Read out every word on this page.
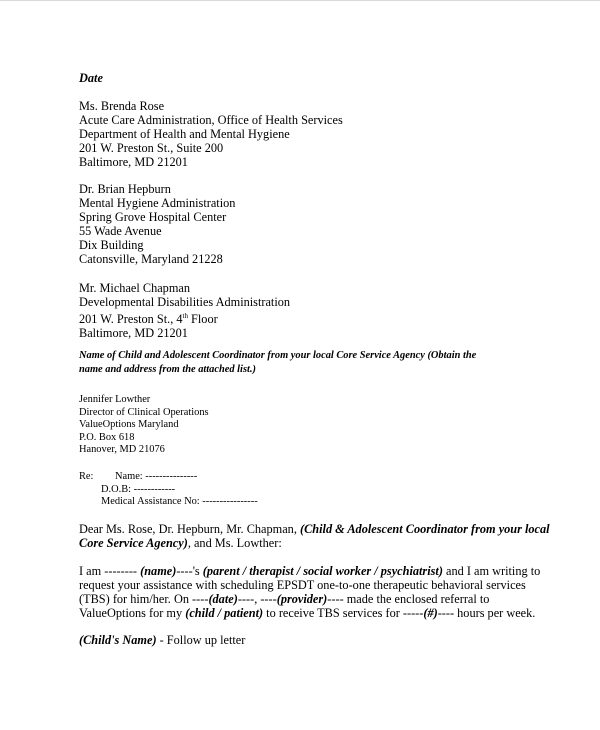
Date
Ms. Brenda Rose
Acute Care Administration, Office of Health Services
Department of Health and Mental Hygiene
201 W. Preston St., Suite 200
Baltimore, MD 21201
Dr. Brian Hepburn
Mental Hygiene Administration
Spring Grove Hospital Center
55 Wade Avenue
Dix Building
Catonsville, Maryland 21228
Mr. Michael Chapman
Developmental Disabilities Administration
201 W. Preston St., 4th Floor
Baltimore, MD 21201
Name of Child and Adolescent Coordinator from your local Core Service Agency (Obtain the
name and address from the attached list.)
Jennifer Lowther
Director of Clinical Operations
ValueOptions Maryland
P.O. Box 618
Hanover, MD 21076
Re:	Name: ---------------
D.O.B: ------------
Medical Assistance No: ----------------
Dear Ms. Rose, Dr. Hepburn, Mr. Chapman, (Child & Adolescent Coordinator from your local
Core Service Agency), and Ms. Lowther:
I am -------- (name)----'s (parent / therapist / social worker / psychiatrist) and I am writing to
request your assistance with scheduling EPSDT one-to-one therapeutic behavioral services
(TBS) for him/her. On ----(date)----, ----(provider)---- made the enclosed referral to
ValueOptions for my (child / patient) to receive TBS services for -----(#)---- hours per week.
(Child's Name) - Follow up letter
